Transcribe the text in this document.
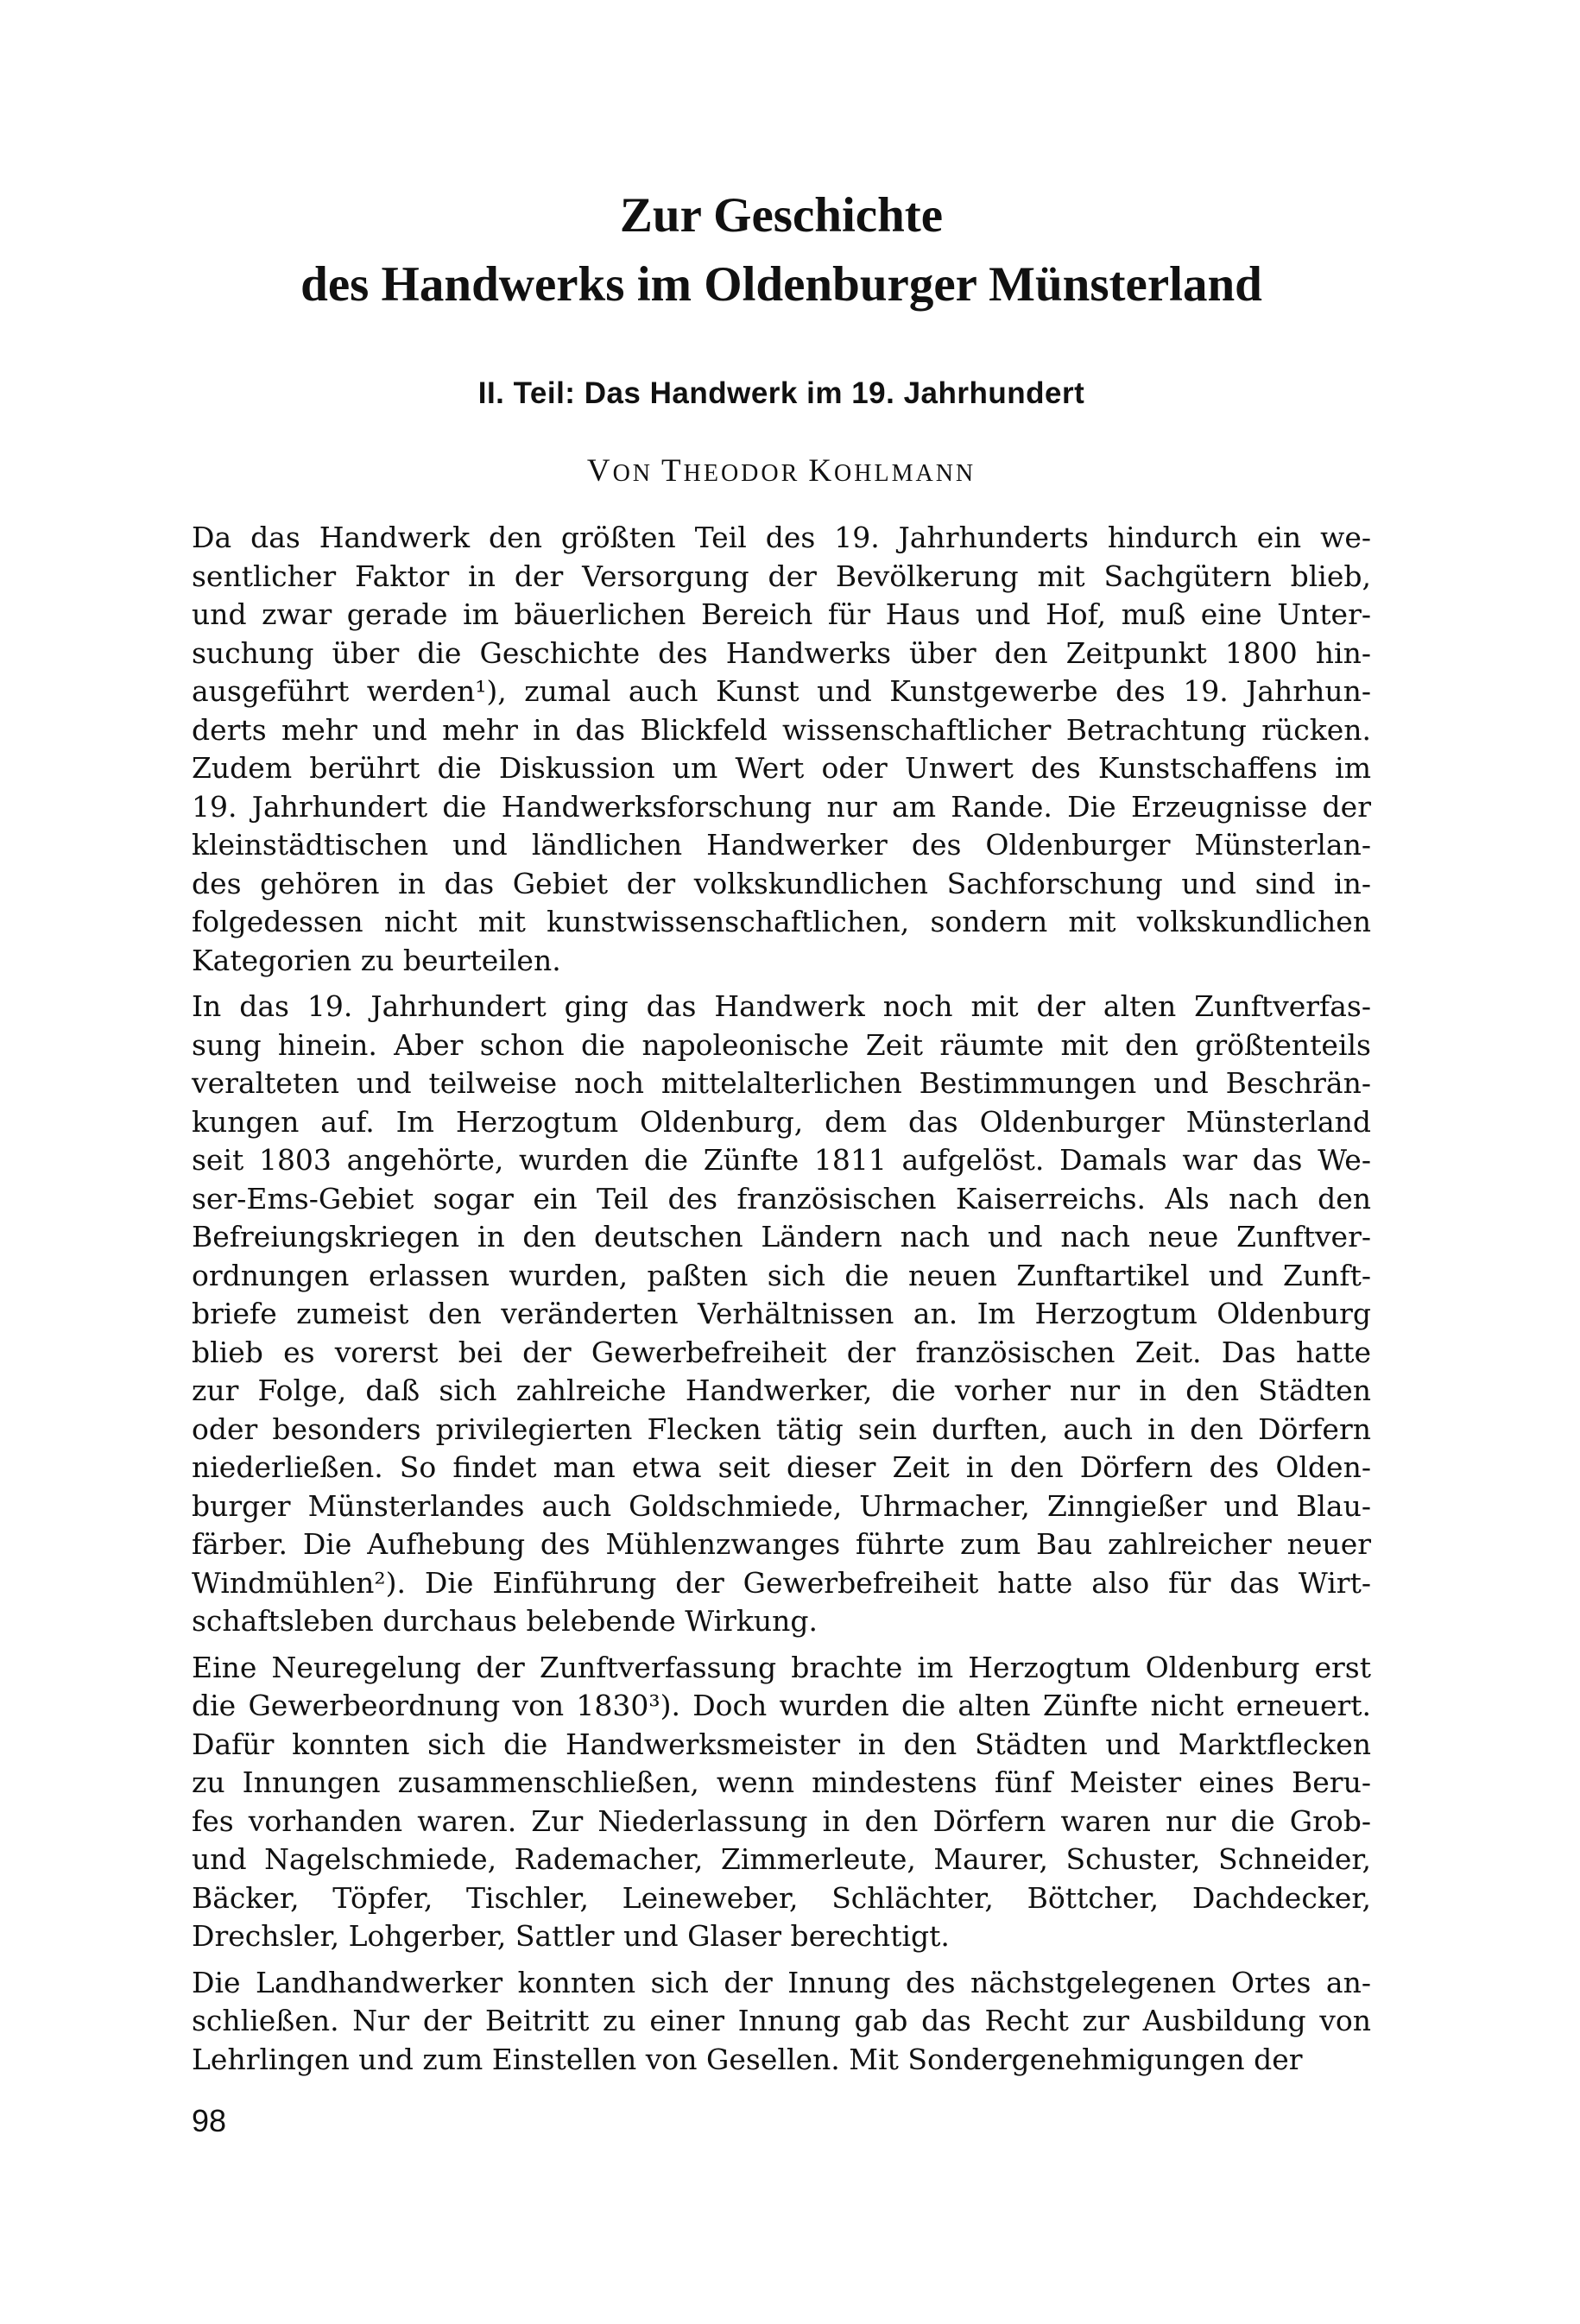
Zur Geschichte
des Handwerks im Oldenburger Münsterland
II. Teil: Das Handwerk im 19. Jahrhundert
VON THEODOR KOHLMANN
Da das Handwerk den größten Teil des 19. Jahrhunderts hindurch ein we-
sentlicher Faktor in der Versorgung der Bevölkerung mit Sachgütern blieb,
und zwar gerade im bäuerlichen Bereich für Haus und Hof, muß eine Unter-
suchung über die Geschichte des Handwerks über den Zeitpunkt 1800 hin-
ausgeführt werden¹), zumal auch Kunst und Kunstgewerbe des 19. Jahrhun-
derts mehr und mehr in das Blickfeld wissenschaftlicher Betrachtung rücken.
Zudem berührt die Diskussion um Wert oder Unwert des Kunstschaffens im
19. Jahrhundert die Handwerksforschung nur am Rande. Die Erzeugnisse der
kleinstädtischen und ländlichen Handwerker des Oldenburger Münsterlan-
des gehören in das Gebiet der volkskundlichen Sachforschung und sind in-
folgedessen nicht mit kunstwissenschaftlichen, sondern mit volkskundlichen
Kategorien zu beurteilen.
In das 19. Jahrhundert ging das Handwerk noch mit der alten Zunftverfas-
sung hinein. Aber schon die napoleonische Zeit räumte mit den größtenteils
veralteten und teilweise noch mittelalterlichen Bestimmungen und Beschrän-
kungen auf. Im Herzogtum Oldenburg, dem das Oldenburger Münsterland
seit 1803 angehörte, wurden die Zünfte 1811 aufgelöst. Damals war das We-
ser-Ems-Gebiet sogar ein Teil des französischen Kaiserreichs. Als nach den
Befreiungskriegen in den deutschen Ländern nach und nach neue Zunftver-
ordnungen erlassen wurden, paßten sich die neuen Zunftartikel und Zunft-
briefe zumeist den veränderten Verhältnissen an. Im Herzogtum Oldenburg
blieb es vorerst bei der Gewerbefreiheit der französischen Zeit. Das hatte
zur Folge, daß sich zahlreiche Handwerker, die vorher nur in den Städten
oder besonders privilegierten Flecken tätig sein durften, auch in den Dörfern
niederließen. So findet man etwa seit dieser Zeit in den Dörfern des Olden-
burger Münsterlandes auch Goldschmiede, Uhrmacher, Zinngießer und Blau-
färber. Die Aufhebung des Mühlenzwanges führte zum Bau zahlreicher neuer
Windmühlen²). Die Einführung der Gewerbefreiheit hatte also für das Wirt-
schaftsleben durchaus belebende Wirkung.
Eine Neuregelung der Zunftverfassung brachte im Herzogtum Oldenburg erst
die Gewerbeordnung von 1830³). Doch wurden die alten Zünfte nicht erneuert.
Dafür konnten sich die Handwerksmeister in den Städten und Marktflecken
zu Innungen zusammenschließen, wenn mindestens fünf Meister eines Beru-
fes vorhanden waren. Zur Niederlassung in den Dörfern waren nur die Grob-
und Nagelschmiede, Rademacher, Zimmerleute, Maurer, Schuster, Schneider,
Bäcker, Töpfer, Tischler, Leineweber, Schlächter, Böttcher, Dachdecker,
Drechsler, Lohgerber, Sattler und Glaser berechtigt.
Die Landhandwerker konnten sich der Innung des nächstgelegenen Ortes an-
schließen. Nur der Beitritt zu einer Innung gab das Recht zur Ausbildung von
Lehrlingen und zum Einstellen von Gesellen. Mit Sondergenehmigungen der
98
